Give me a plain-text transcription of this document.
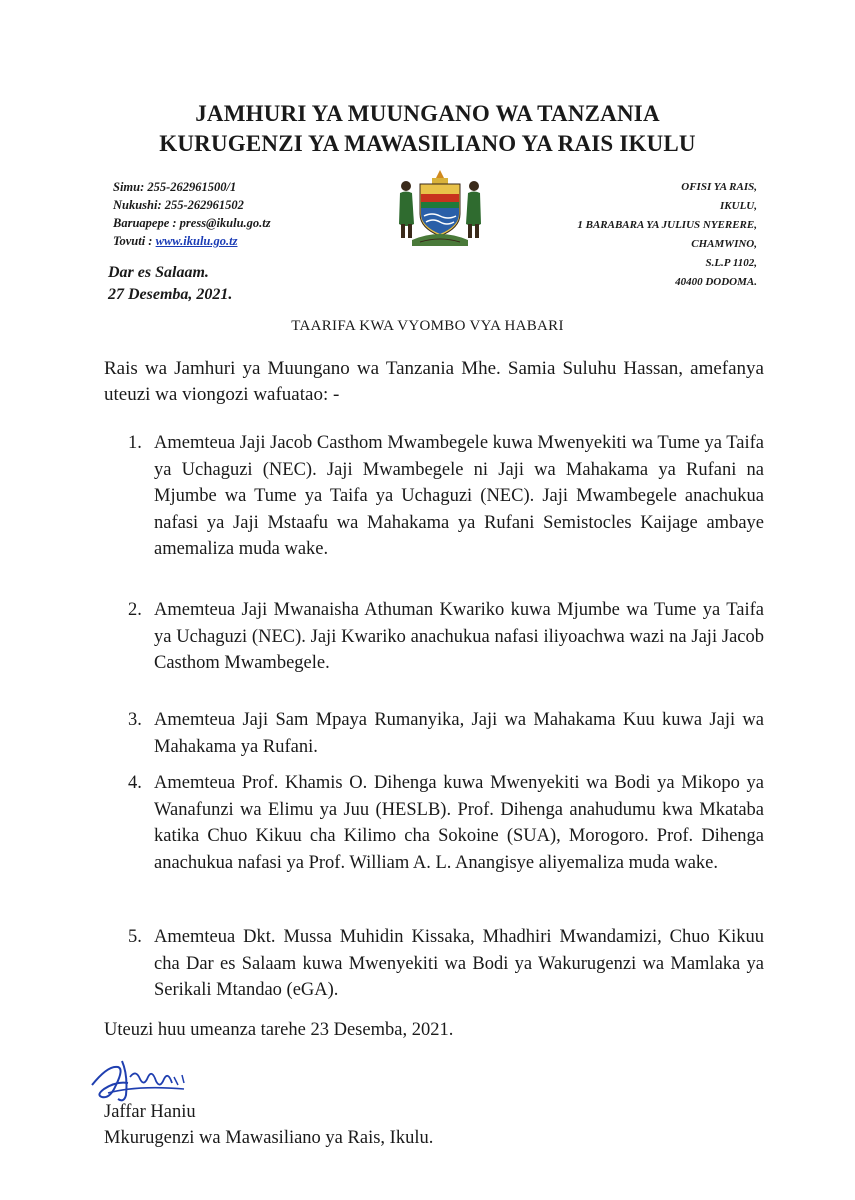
JAMHURI YA MUUNGANO WA TANZANIA
KURUGENZI YA MAWASILIANO YA RAIS IKULU
Simu: 255-262961500/1
Nukushi: 255-262961502
Baruapepe : press@ikulu.go.tz
Tovuti : www.ikulu.go.tz
OFISI YA RAIS,
IKULU,
1 BARABARA YA JULIUS NYERERE,
CHAMWINO,
S.L.P 1102,
40400 DODOMA.
Dar es Salaam.
27 Desemba, 2021.
TAARIFA KWA VYOMBO VYA HABARI
Rais wa Jamhuri ya Muungano wa Tanzania Mhe. Samia Suluhu Hassan, amefanya uteuzi wa viongozi wafuatao: -
1. Amemteua Jaji Jacob Casthom Mwambegele kuwa Mwenyekiti wa Tume ya Taifa ya Uchaguzi (NEC). Jaji Mwambegele ni Jaji wa Mahakama ya Rufani na Mjumbe wa Tume ya Taifa ya Uchaguzi (NEC). Jaji Mwambegele anachukua nafasi ya Jaji Mstaafu wa Mahakama ya Rufani Semistocles Kaijage ambaye amemaliza muda wake.
2. Amemteua Jaji Mwanaisha Athuman Kwariko kuwa Mjumbe wa Tume ya Taifa ya Uchaguzi (NEC). Jaji Kwariko anachukua nafasi iliyoachwa wazi na Jaji Jacob Casthom Mwambegele.
3. Amemteua Jaji Sam Mpaya Rumanyika, Jaji wa Mahakama Kuu kuwa Jaji wa Mahakama ya Rufani.
4. Amemteua Prof. Khamis O. Dihenga kuwa Mwenyekiti wa Bodi ya Mikopo ya Wanafunzi wa Elimu ya Juu (HESLB). Prof. Dihenga anahudumu kwa Mkataba katika Chuo Kikuu cha Kilimo cha Sokoine (SUA), Morogoro. Prof. Dihenga anachukua nafasi ya Prof. William A. L. Anangisye aliyemaliza muda wake.
5. Amemteua Dkt. Mussa Muhidin Kissaka, Mhadhiri Mwandamizi, Chuo Kikuu cha Dar es Salaam kuwa Mwenyekiti wa Bodi ya Wakurugenzi wa Mamlaka ya Serikali Mtandao (eGA).
Uteuzi huu umeanza tarehe 23 Desemba, 2021.
Jaffar Haniu
Mkurugenzi wa Mawasiliano ya Rais, Ikulu.
